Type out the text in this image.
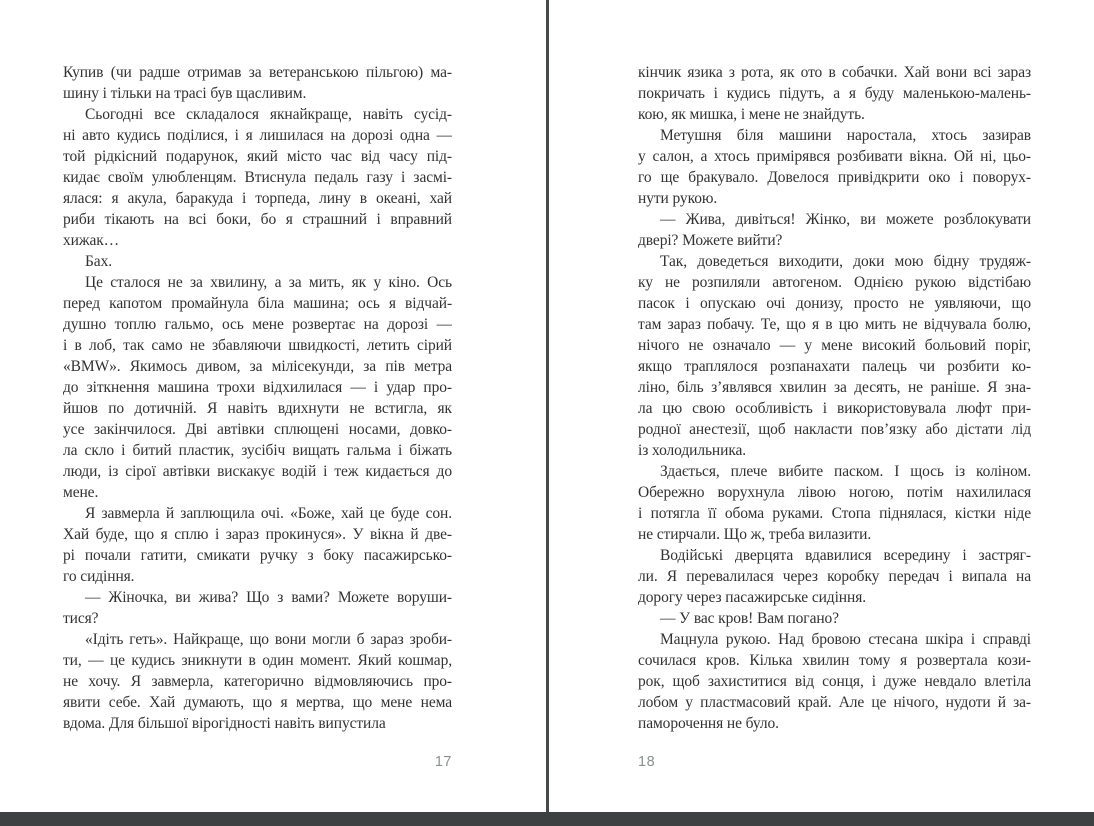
Купив (чи радше отримав за ветеранською пільгою) ма-
шину і тільки на трасі був щасливим.
Сьогодні все складалося якнайкраще, навіть сусід-
ні авто кудись поділися, і я лишилася на дорозі одна —
той рідкісний подарунок, який місто час від часу під-
кидає своїм улюбленцям. Втиснула педаль газу і засмі-
ялася: я акула, баракуда і торпеда, лину в океані, хай
риби тікають на всі боки, бо я страшний і вправний
хижак…
Бах.
Це сталося не за хвилину, а за мить, як у кіно. Ось
перед капотом промайнула біла машина; ось я відчай-
душно топлю гальмо, ось мене розвертає на дорозі —
і в лоб, так само не збавляючи швидкості, летить сірий
«BMW». Якимось дивом, за мілісекунди, за пів метра
до зіткнення машина трохи відхилилася — і удар про-
йшов по дотичній. Я навіть вдихнути не встигла, як
усе закінчилося. Дві автівки сплющені носами, довко-
ла скло і битий пластик, зусібіч вищать гальма і біжать
люди, із сірої автівки вискакує водій і теж кидається до
мене.
Я завмерла й заплющила очі. «Боже, хай це буде сон.
Хай буде, що я сплю і зараз прокинуся». У вікна й две-
рі почали гатити, смикати ручку з боку пасажирсько-
го сидіння.
— Жіночка, ви жива? Що з вами? Можете воруши-
тися?
«Ідіть геть». Найкраще, що вони могли б зараз зроби-
ти, — це кудись зникнути в один момент. Який кошмар,
не хочу. Я завмерла, категорично відмовляючись про-
явити себе. Хай думають, що я мертва, що мене нема
вдома. Для більшої вірогідності навіть випустила
кінчик язика з рота, як ото в собачки. Хай вони всі зараз
покричать і кудись підуть, а я буду маленькою-малень-
кою, як мишка, і мене не знайдуть.
Метушня біля машини наростала, хтось зазирав
у салон, а хтось примірявся розбивати вікна. Ой ні, цьо-
го ще бракувало. Довелося привідкрити око і поворух-
нути рукою.
— Жива, дивіться! Жінко, ви можете розблокувати
двері? Можете вийти?
Так, доведеться виходити, доки мою бідну трудяж-
ку не розпиляли автогеном. Однією рукою відстібаю
пасок і опускаю очі донизу, просто не уявляючи, що
там зараз побачу. Те, що я в цю мить не відчувала болю,
нічого не означало — у мене високий больовий поріг,
якщо траплялося розпанахати палець чи розбити ко-
ліно, біль з’являвся хвилин за десять, не раніше. Я зна-
ла цю свою особливість і використовувала люфт при-
родної анестезії, щоб накласти пов’язку або дістати лід
із холодильника.
Здається, плече вибите паском. І щось із коліном.
Обережно ворухнула лівою ногою, потім нахилилася
і потягла її обома руками. Стопа піднялася, кістки ніде
не стирчали. Що ж, треба вилазити.
Водійські дверцята вдавилися всередину і застряг-
ли. Я перевалилася через коробку передач і випала на
дорогу через пасажирське сидіння.
— У вас кров! Вам погано?
Мацнула рукою. Над бровою стесана шкіра і справді
сочилася кров. Кілька хвилин тому я розвертала кози-
рок, щоб захиститися від сонця, і дуже невдало влетіла
лобом у пластмасовий край. Але це нічого, нудоти й за-
паморочення не було.
17	18
